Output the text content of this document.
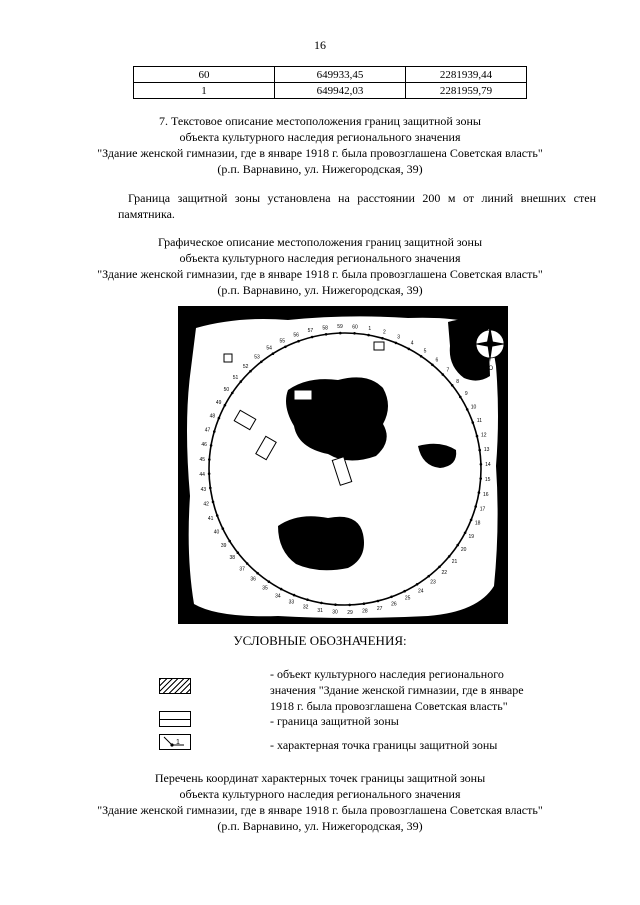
16
60	649933,45	2281939,44
1	649942,03	2281959,79
7. Текстовое описание местоположения границ защитной зоны
объекта культурного наследия регионального значения
"Здание женской гимназии, где в январе 1918 г. была провозглашена Советская власть"
(р.п. Варнавино, ул. Нижегородская, 39)
Граница защитной зоны установлена на расстоянии 200 м от линий внешних стен памятника.
Графическое описание местоположения границ защитной зоны
объекта культурного наследия регионального значения
"Здание женской гимназии, где в январе 1918 г. была провозглашена Советская власть"
(р.п. Варнавино, ул. Нижегородская, 39)
1
2
3
4
5
6
7
8
9
10
11
12
13
14
15
16
17
18
19
20
21
22
23
24
25
26
27
28
29
30
31
32
33
34
35
36
37
38
39
40
41
42
43
44
45
46
47
48
49
50
51
52
53
54
55
56
57 58 59 60
С
Ю
З	В
УСЛОВНЫЕ ОБОЗНАЧЕНИЯ:
- объект культурного наследия регионального
значения "Здание женской гимназии, где в январе
1918 г. была провозглашена Советская власть"
- граница защитной зоны
1	- характерная точка границы защитной зоны
Перечень координат характерных точек границы защитной зоны
объекта культурного наследия регионального значения
"Здание женской гимназии, где в январе 1918 г. была провозглашена Советская власть"
(р.п. Варнавино, ул. Нижегородская, 39)
